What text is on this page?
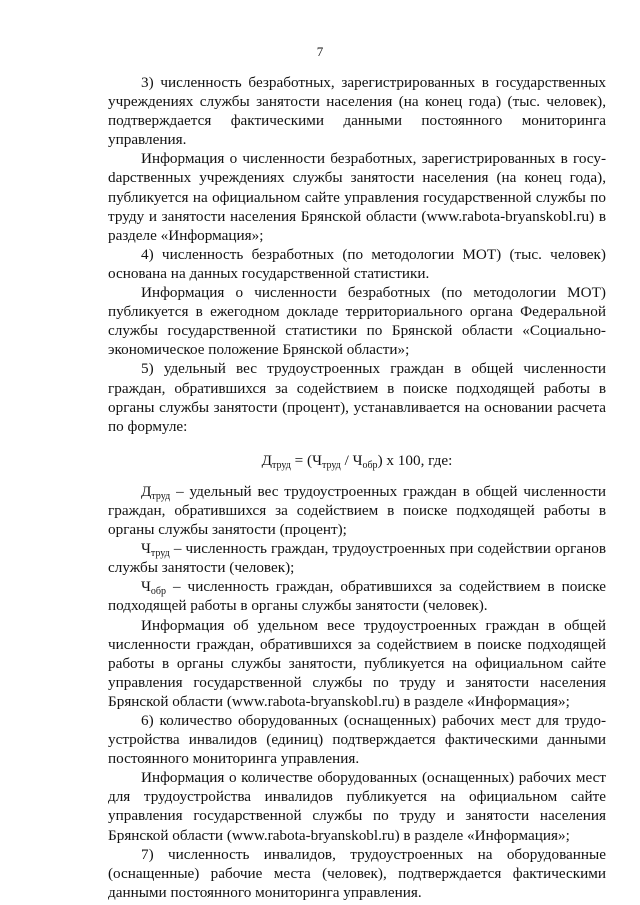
7

3) численность безработных, зарегистрированных в государственных учреждениях службы занятости населения (на конец года) (тыс. человек), подтверждается фактическими данными постоянного мониторинга управления.

Информация о численности безработных, зарегистрированных в госуdарственных учреждениях службы занятости населения (на конец года), публикуется на официальном сайте управления государственной службы по труду и занятости населения Брянской области (www.rabota-bryanskobl.ru) в разделе «Информация»;

4) численность безработных (по методологии МОТ) (тыс. человек) основана на данных государственной статистики.

Информация о численности безработных (по методологии МОТ) публикуется в ежегодном докладе территориального органа Федеральной службы государственной статистики по Брянской области «Социально-экономическое положение Брянской области»;

5) удельный вес трудоустроенных граждан в общей численности граждан, обратившихся за содействием в поиске подходящей работы в органы службы занятости (процент), устанавливается на основании расчета по формуле:

$Д_{труд} = (Ч_{труд} / Ч_{обр})$ x 100, где:

$Д_{труд}$ – удельный вес трудоустроенных граждан в общей численности граждан, обратившихся за содействием в поиске подходящей работы в органы службы занятости (процент);

$Ч_{труд}$ – численность граждан, трудоустроенных при содействии органов службы занятости (человек);

$Ч_{обр}$ – численность граждан, обратившихся за содействием в поиске подходящей работы в органы службы занятости (человек).

Информация об удельном весе трудоустроенных граждан в общей численности граждан, обратившихся за содействием в поиске подходящей работы в органы службы занятости, публикуется на официальном сайте управления государственной службы по труду и занятости населения Брянской области (www.rabota-bryanskobl.ru) в разделе «Информация»;

6) количество оборудованных (оснащенных) рабочих мест для трудоустройства инвалидов (единиц) подтверждается фактическими данными постоянного мониторинга управления.

Информация о количестве оборудованных (оснащенных) рабочих мест для трудоустройства инвалидов публикуется на официальном сайте управления государственной службы по труду и занятости населения Брянской области (www.rabota-bryanskobl.ru) в разделе «Информация»;

7) численность инвалидов, трудоустроенных на оборудованные (оснащенные) рабочие места (человек), подтверждается фактическими данными постоянного мониторинга управления.
